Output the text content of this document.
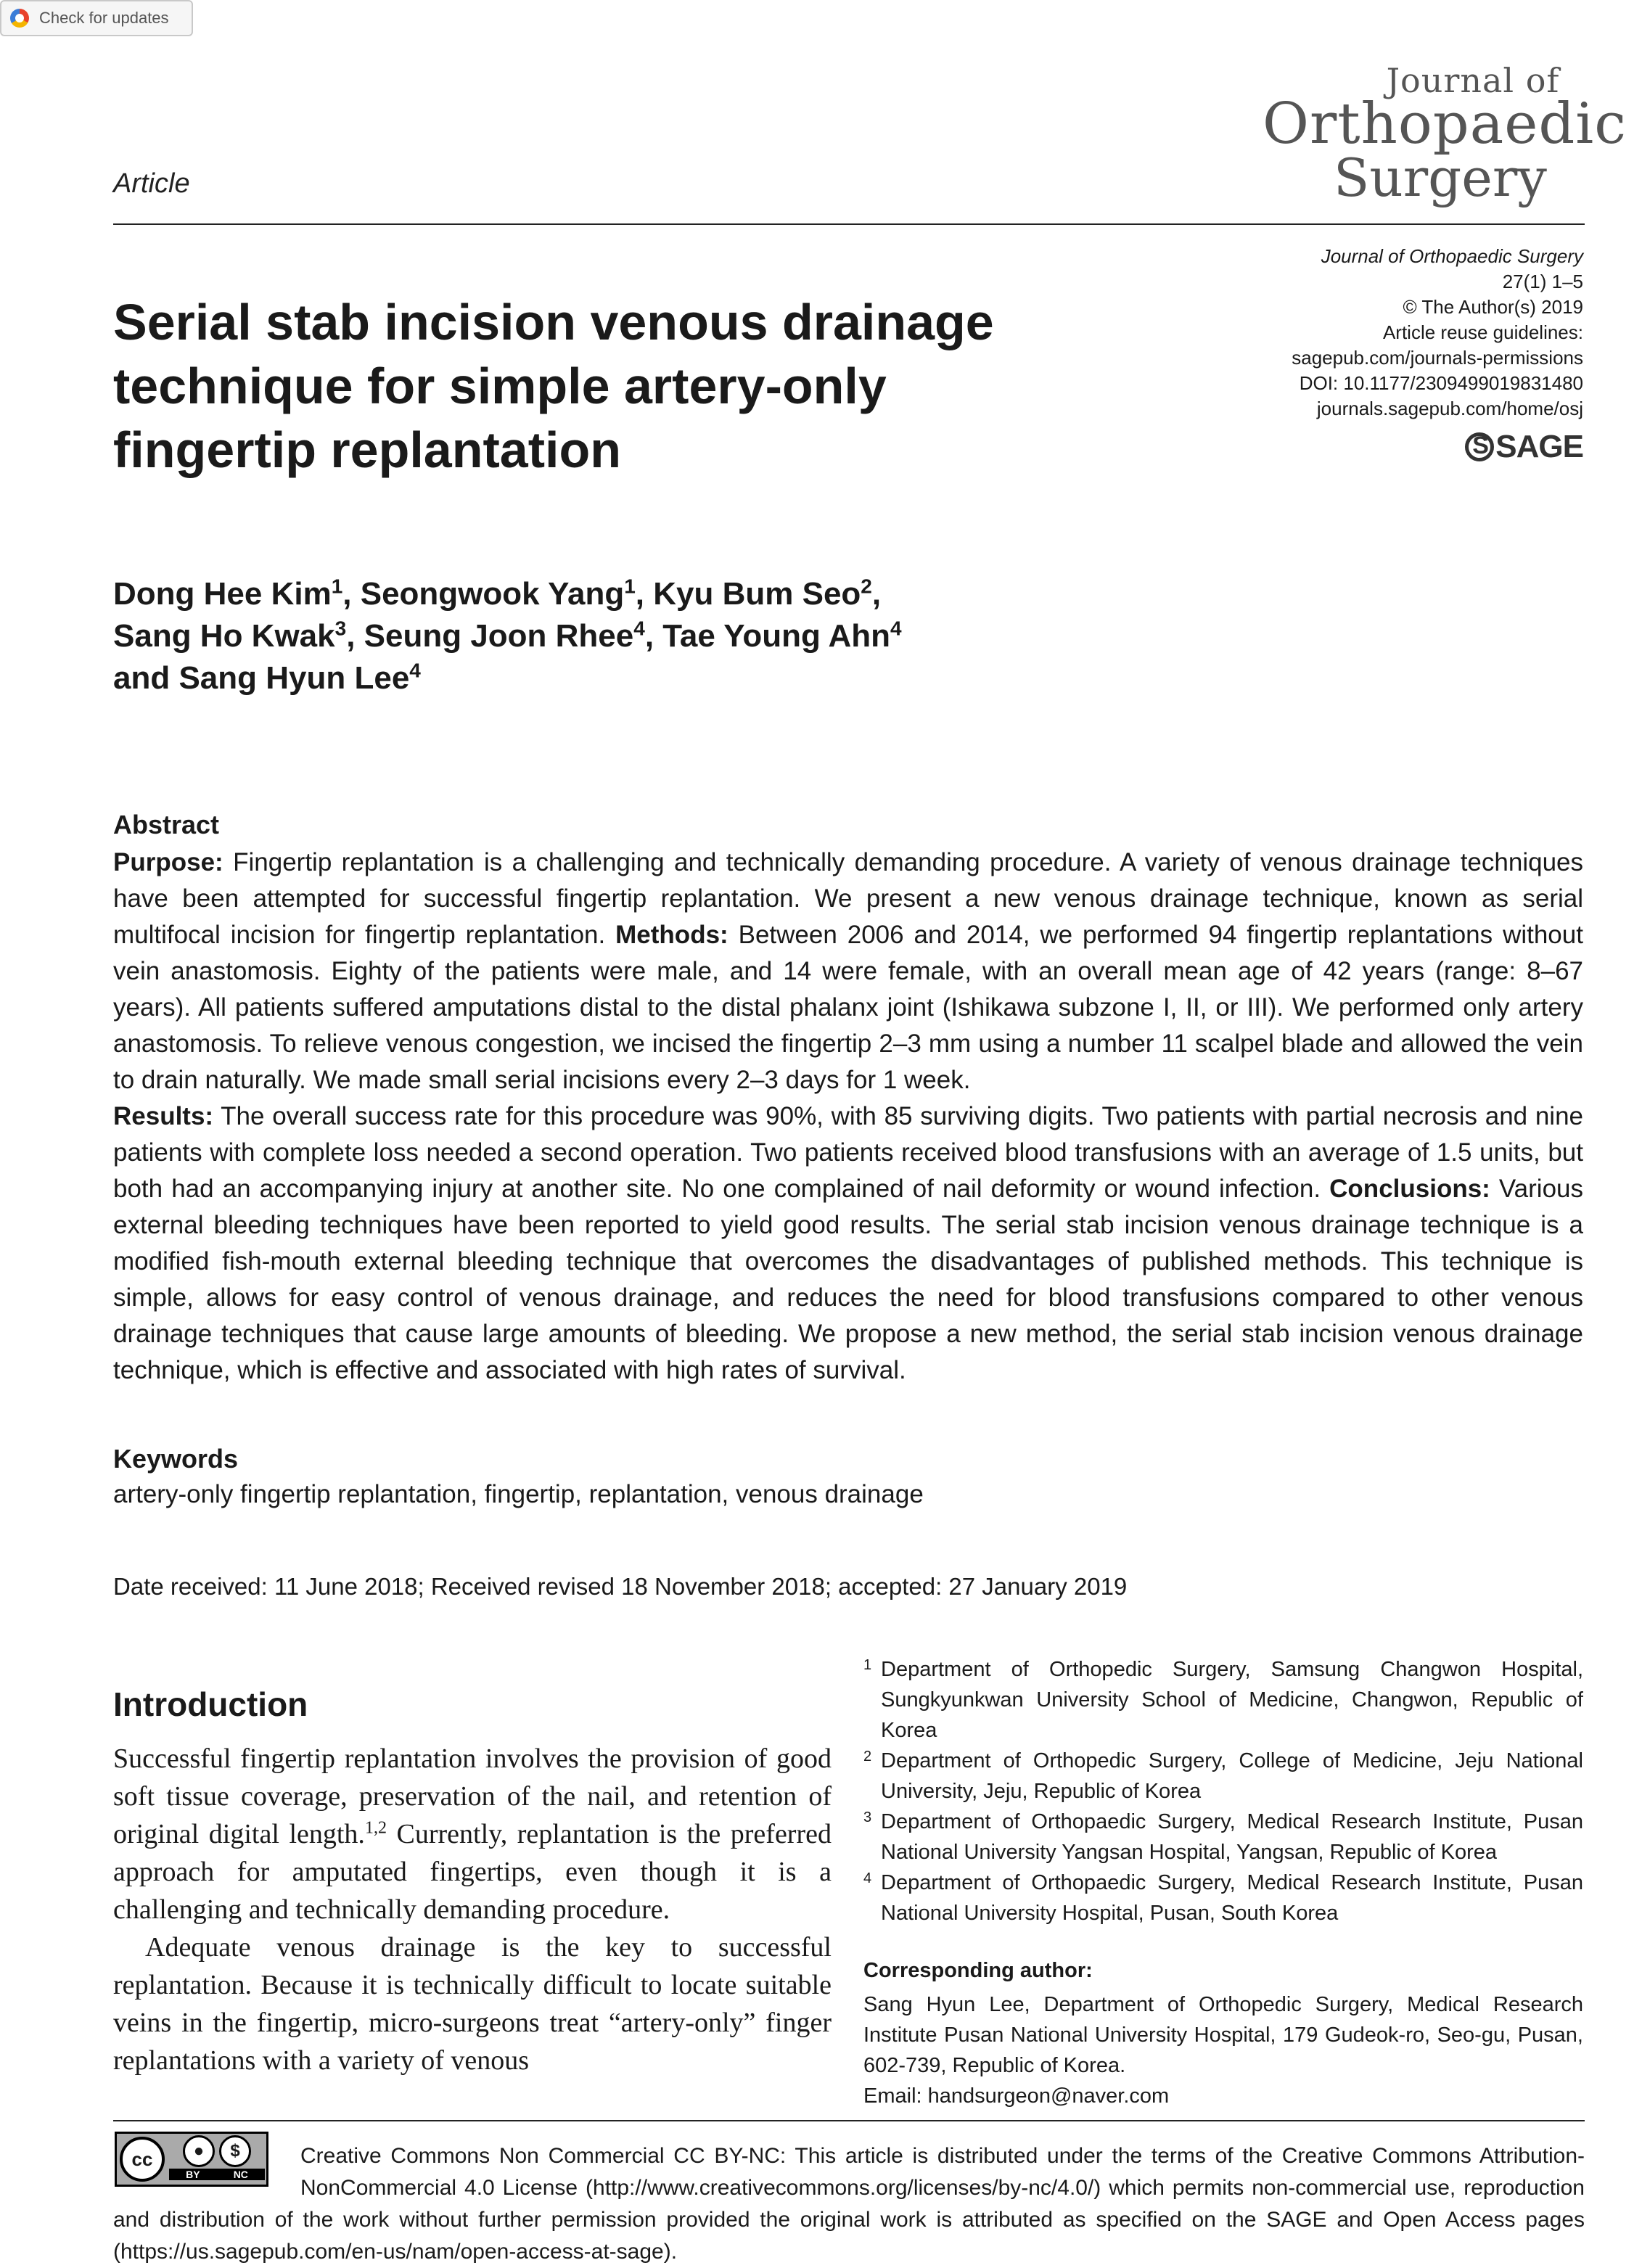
Check for updates
Journal of
Orthopaedic
Surgery
Article
Serial stab incision venous drainage technique for simple artery-only fingertip replantation
Journal of Orthopaedic Surgery
27(1) 1–5
© The Author(s) 2019
Article reuse guidelines:
sagepub.com/journals-permissions
DOI: 10.1177/2309499019831480
journals.sagepub.com/home/osj
S
SAGE
Dong Hee Kim$^1$, Seongwook Yang$^1$, Kyu Bum Seo$^2$,
Sang Ho Kwak$^3$, Seung Joon Rhee$^4$, Tae Young Ahn$^4$
and Sang Hyun Lee$^4$
Abstract

Purpose: Fingertip replantation is a challenging and technically demanding procedure. A variety of venous drainage techniques have been attempted for successful fingertip replantation. We present a new venous drainage technique, known as serial multifocal incision for fingertip replantation. Methods: Between 2006 and 2014, we performed 94 fingertip replantations without vein anastomosis. Eighty of the patients were male, and 14 were female, with an overall mean age of 42 years (range: 8–67 years). All patients suffered amputations distal to the distal phalanx joint (Ishikawa subzone I, II, or III). We performed only artery anastomosis. To relieve venous congestion, we incised the fingertip 2–3 mm using a number 11 scalpel blade and allowed the vein to drain naturally. We made small serial incisions every 2–3 days for 1 week.
Results: The overall success rate for this procedure was 90%, with 85 surviving digits. Two patients with partial necrosis and nine patients with complete loss needed a second operation. Two patients received blood transfusions with an average of 1.5 units, but both had an accompanying injury at another site. No one complained of nail deformity or wound infection. Conclusions: Various external bleeding techniques have been reported to yield good results. The serial stab incision venous drainage technique is a modified fish-mouth external bleeding technique that overcomes the disadvantages of published methods. This technique is simple, allows for easy control of venous drainage, and reduces the need for blood transfusions compared to other venous drainage techniques that cause large amounts of bleeding. We propose a new method, the serial stab incision venous drainage technique, which is effective and associated with high rates of survival.

Keywords
artery-only fingertip replantation, fingertip, replantation, venous drainage
Date received: 11 June 2018; Received revised 18 November 2018; accepted: 27 January 2019
Introduction

Successful fingertip replantation involves the provision of good soft tissue coverage, preservation of the nail, and retention of original digital length.$^{1,2}$ Currently, replantation is the preferred approach for amputated fingertips, even though it is a challenging and technically demanding procedure.

Adequate venous drainage is the key to successful replantation. Because it is technically difficult to locate suitable veins in the fingertip, micro-surgeons treat “artery-only” finger replantations with a variety of venous

1 Department of Orthopedic Surgery, Samsung Changwon Hospital, Sungkyunkwan University School of Medicine, Changwon, Republic of Korea
2 Department of Orthopedic Surgery, College of Medicine, Jeju National University, Jeju, Republic of Korea
3 Department of Orthopaedic Surgery, Medical Research Institute, Pusan National University Yangsan Hospital, Yangsan, Republic of Korea
4 Department of Orthopaedic Surgery, Medical Research Institute, Pusan National University Hospital, Pusan, South Korea
Corresponding author:
Sang Hyun Lee, Department of Orthopedic Surgery, Medical Research Institute Pusan National University Hospital, 179 Gudeok-ro, Seo-gu, Pusan, 602-739, Republic of Korea.
Email: handsurgeon@naver.com
Creative Commons Non Commercial CC BY-NC: This article is distributed under the terms of the Creative Commons Attribution-NonCommercial 4.0 License (http://www.creativecommons.org/licenses/by-nc/4.0/) which permits non-commercial use, reproduction and distribution of the work without further permission provided the original work is attributed as specified on the SAGE and Open Access pages (https://us.sagepub.com/en-us/nam/open-access-at-sage).
cc	●	$
BY	NC
